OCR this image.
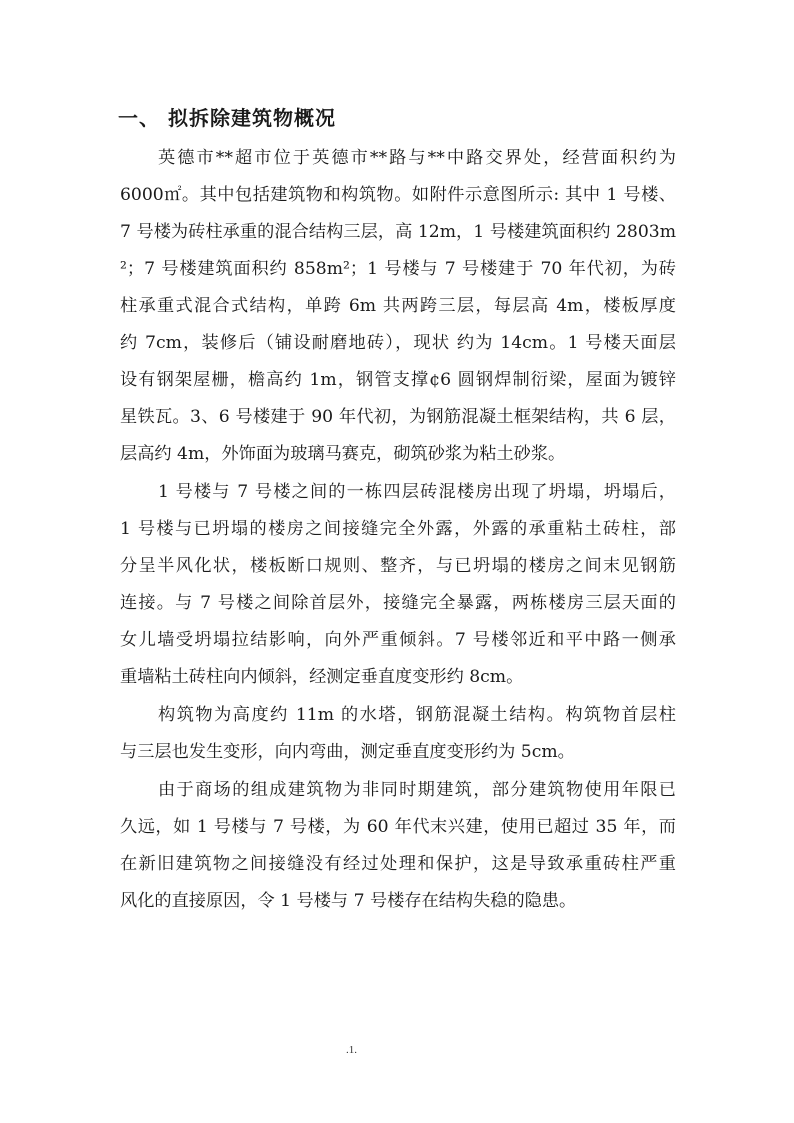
一、 拟拆除建筑物概况
英德市**超市位于英德市**路与**中路交界处，经营面积约为
6000㎡。其中包括建筑物和构筑物。如附件示意图所示: 其中 1 号楼、
7 号楼为砖柱承重的混合结构三层，高 12m，1 号楼建筑面积约 2803m
²；7 号楼建筑面积约 858m²；1 号楼与 7 号楼建于 70 年代初，为砖
柱承重式混合式结构，单跨 6m 共两跨三层，每层高 4m，楼板厚度
约 7cm，装修后（铺设耐磨地砖），现状 约为 14cm。1 号楼天面层
设有钢架屋栅，檐高约 1m，钢管支撑¢6 圆钢焊制衍梁，屋面为镀锌
星铁瓦。3、6 号楼建于 90 年代初，为钢筋混凝土框架结构，共 6 层，
层高约 4m，外饰面为玻璃马赛克，砌筑砂浆为粘土砂浆。
1 号楼与 7 号楼之间的一栋四层砖混楼房出现了坍塌，坍塌后，
1 号楼与已坍塌的楼房之间接缝完全外露，外露的承重粘土砖柱，部
分呈半风化状，楼板断口规则、整齐，与已坍塌的楼房之间末见钢筋
连接。与 7 号楼之间除首层外，接缝完全暴露，两栋楼房三层天面的
女儿墙受坍塌拉结影响，向外严重倾斜。7 号楼邻近和平中路一侧承
重墙粘土砖柱向内倾斜，经测定垂直度变形约 8cm。
构筑物为高度约 11m 的水塔，钢筋混凝土结构。构筑物首层柱
与三层也发生变形，向内弯曲，测定垂直度变形约为 5cm。
由于商场的组成建筑物为非同时期建筑，部分建筑物使用年限已
久远，如 1 号楼与 7 号楼，为 60 年代末兴建，使用已超过 35 年，而
在新旧建筑物之间接缝没有经过处理和保护，这是导致承重砖柱严重
风化的直接原因，令 1 号楼与 7 号楼存在结构失稳的隐患。
.1.
